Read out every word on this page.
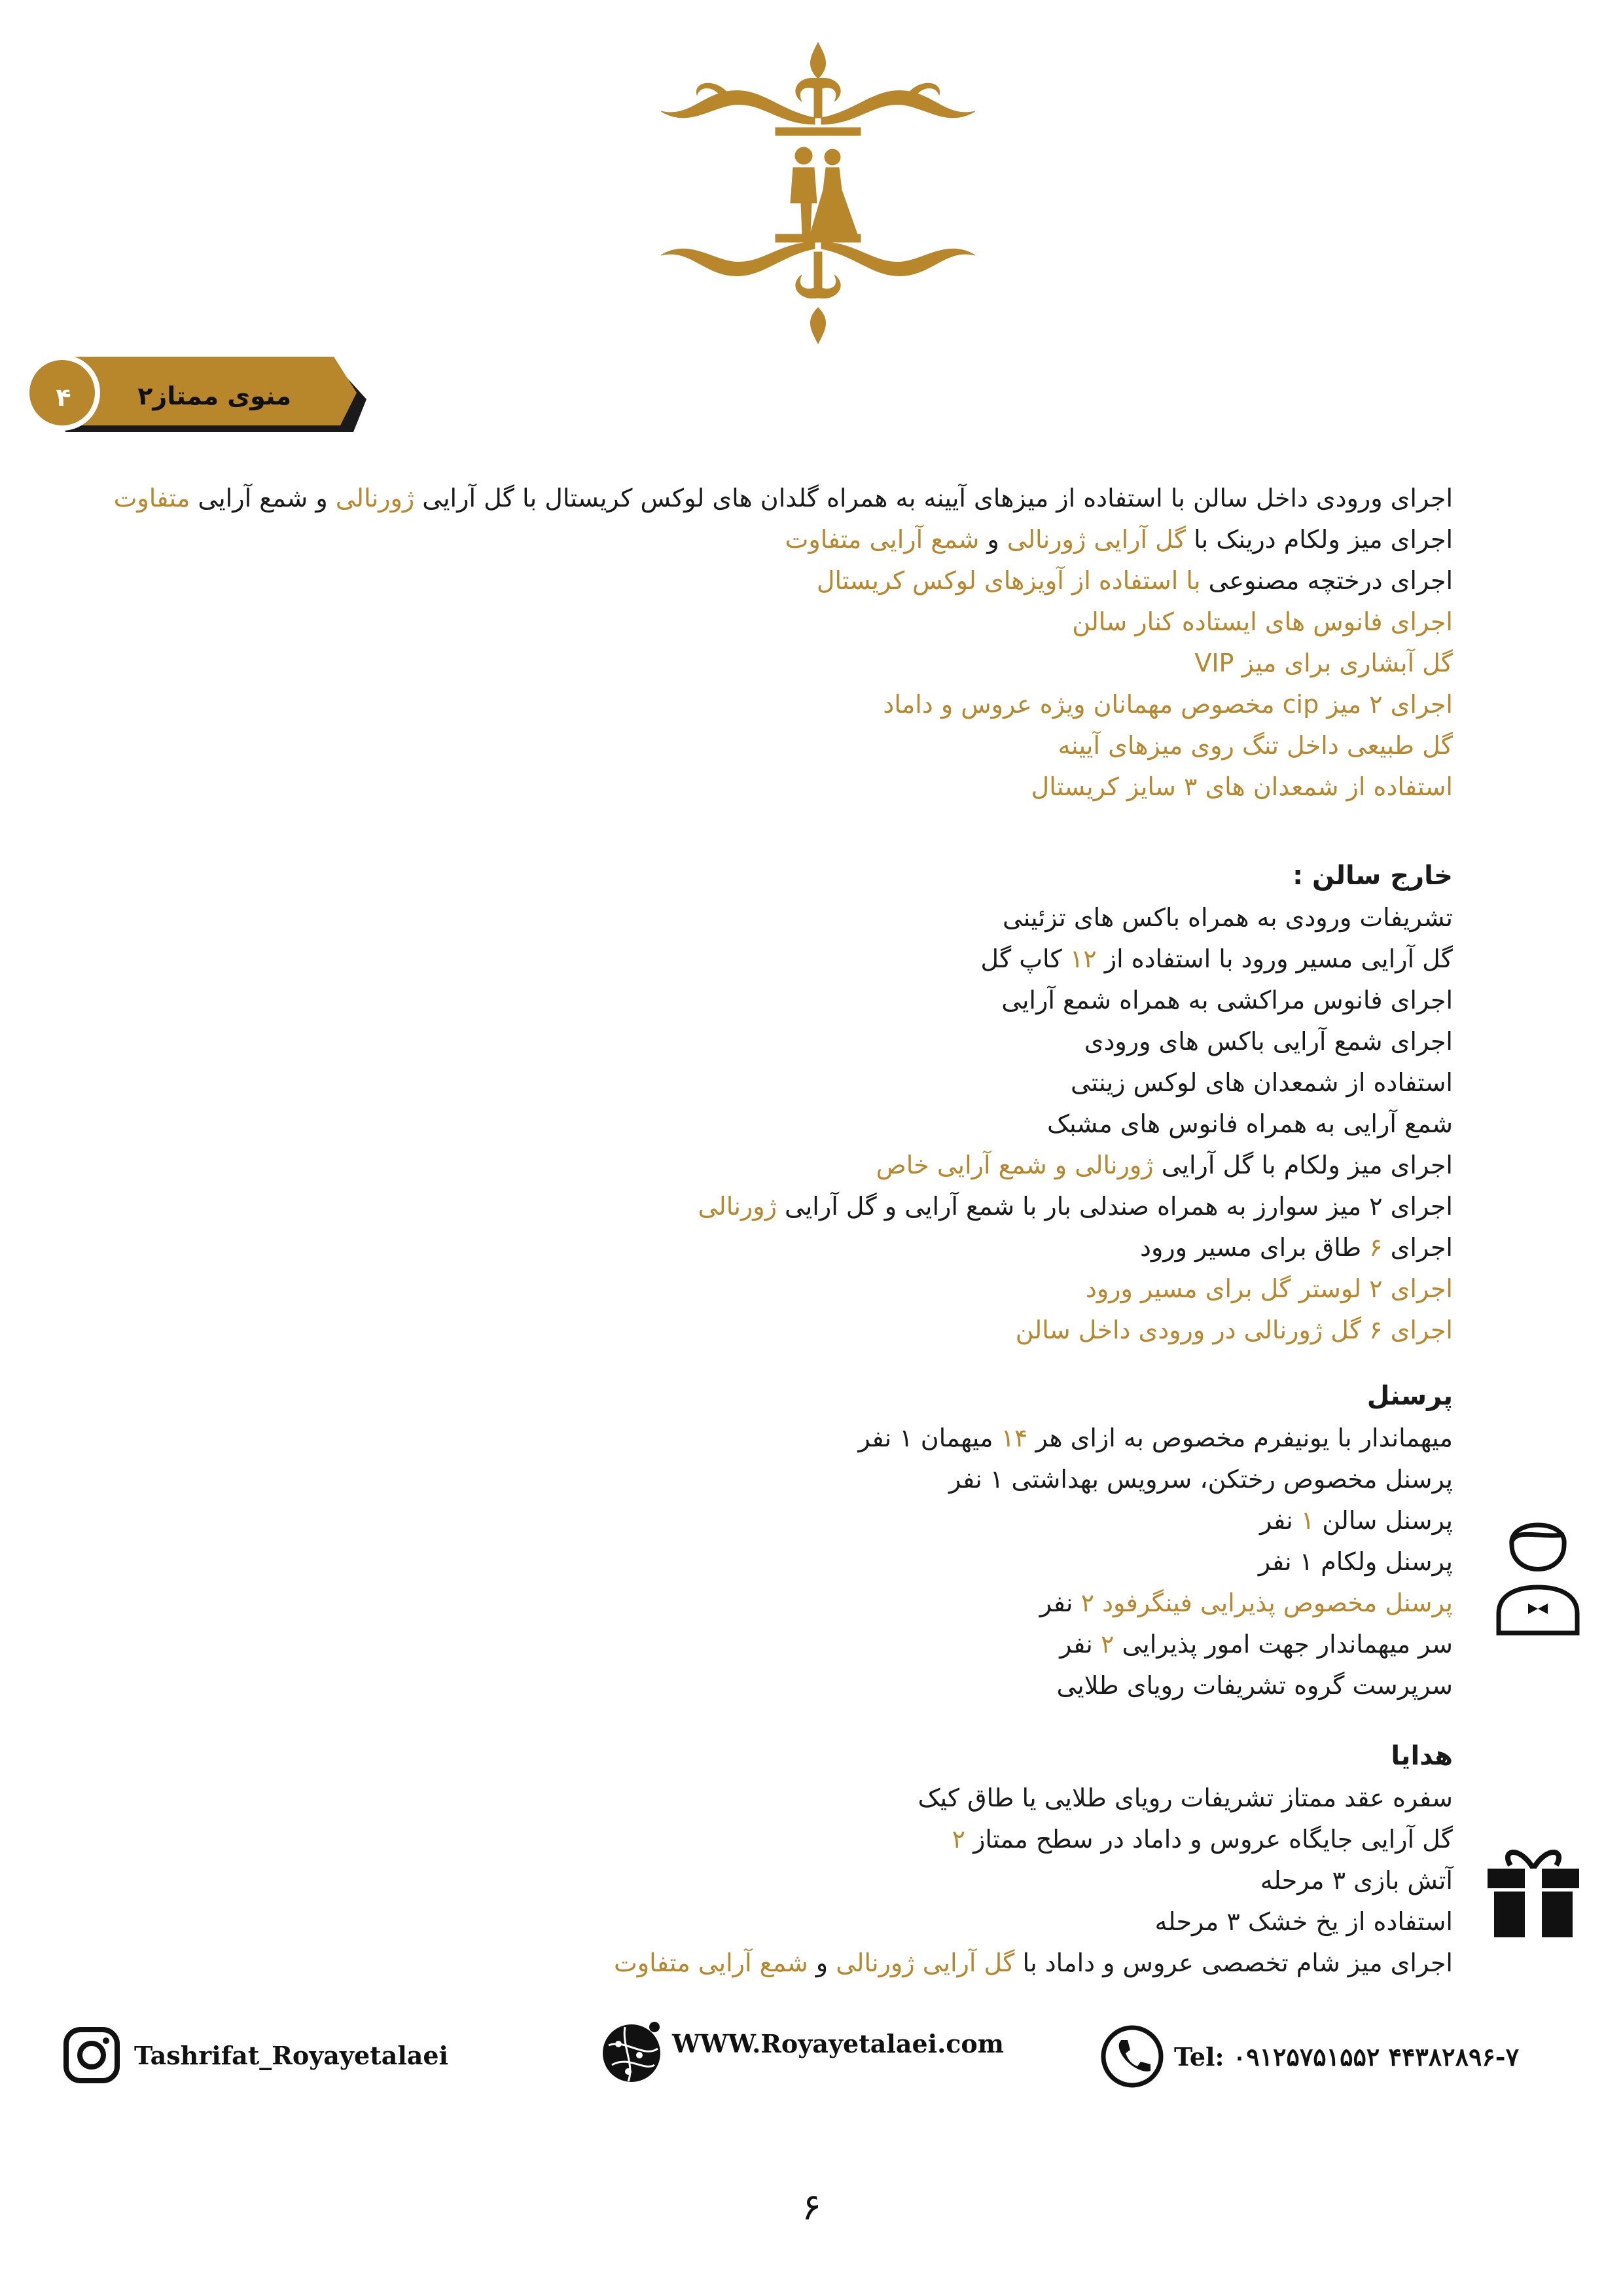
۴	منوی ممتاز۲
اجرای ورودی داخل سالن با استفاده از میزهای آیینه به همراه گلدان های لوکس کریستال با گل آرایی ژورنالی و شمع آرایی متفاوت
اجرای میز ولکام درینک با گل آرایی ژورنالی و شمع آرایی متفاوت
اجرای درختچه مصنوعی با استفاده از آویزهای لوکس کریستال
اجرای فانوس های ایستاده کنار سالن
گل آبشاری برای میز VIP
اجرای ۲ میز cip مخصوص مهمانان ویژه عروس و داماد
گل طبیعی داخل تنگ روی میزهای آیینه
استفاده از شمعدان های ۳ سایز کریستال
خارج سالن :
تشریفات ورودی به همراه باکس های تزئینی
گل آرایی مسیر ورود با استفاده از ۱۲ کاپ گل
اجرای فانوس مراکشی به همراه شمع آرایی
اجرای شمع آرایی باکس های ورودی
استفاده از شمعدان های لوکس زینتی
شمع آرایی به همراه فانوس های مشبک
اجرای میز ولکام با گل آرایی ژورنالی و شمع آرایی خاص
اجرای ۲ میز سوارز به همراه صندلی بار با شمع آرایی و گل آرایی ژورنالی
اجرای ۶ طاق برای مسیر ورود
اجرای ۲ لوستر گل برای مسیر ورود
اجرای ۶ گل ژورنالی در ورودی داخل سالن
پرسنل
میهماندار با یونیفرم مخصوص به ازای هر ۱۴ میهمان ۱ نفر
پرسنل مخصوص رختکن، سرویس بهداشتی ۱ نفر
پرسنل سالن ۱ نفر
پرسنل ولکام ۱ نفر
پرسنل مخصوص پذیرایی فینگرفود ۲ نفر
سر میهماندار جهت امور پذیرایی ۲ نفر
سرپرست گروه تشریفات رویای طلایی
هدایا
سفره عقد ممتاز تشریفات رویای طلایی یا طاق کیک
گل آرایی جایگاه عروس و داماد در سطح ممتاز ۲
آتش بازی ۳ مرحله
استفاده از یخ خشک ۳ مرحله
اجرای میز شام تخصصی عروس و داماد با گل آرایی ژورنالی و شمع آرایی متفاوت
Tashrifat_Royayetalaei	WWW.Royayetalaei.com	Tel: ۰۹۱۲۵۷۵۱۵۵۲ ۴۴۳۸۲۸۹۶-۷
۶
